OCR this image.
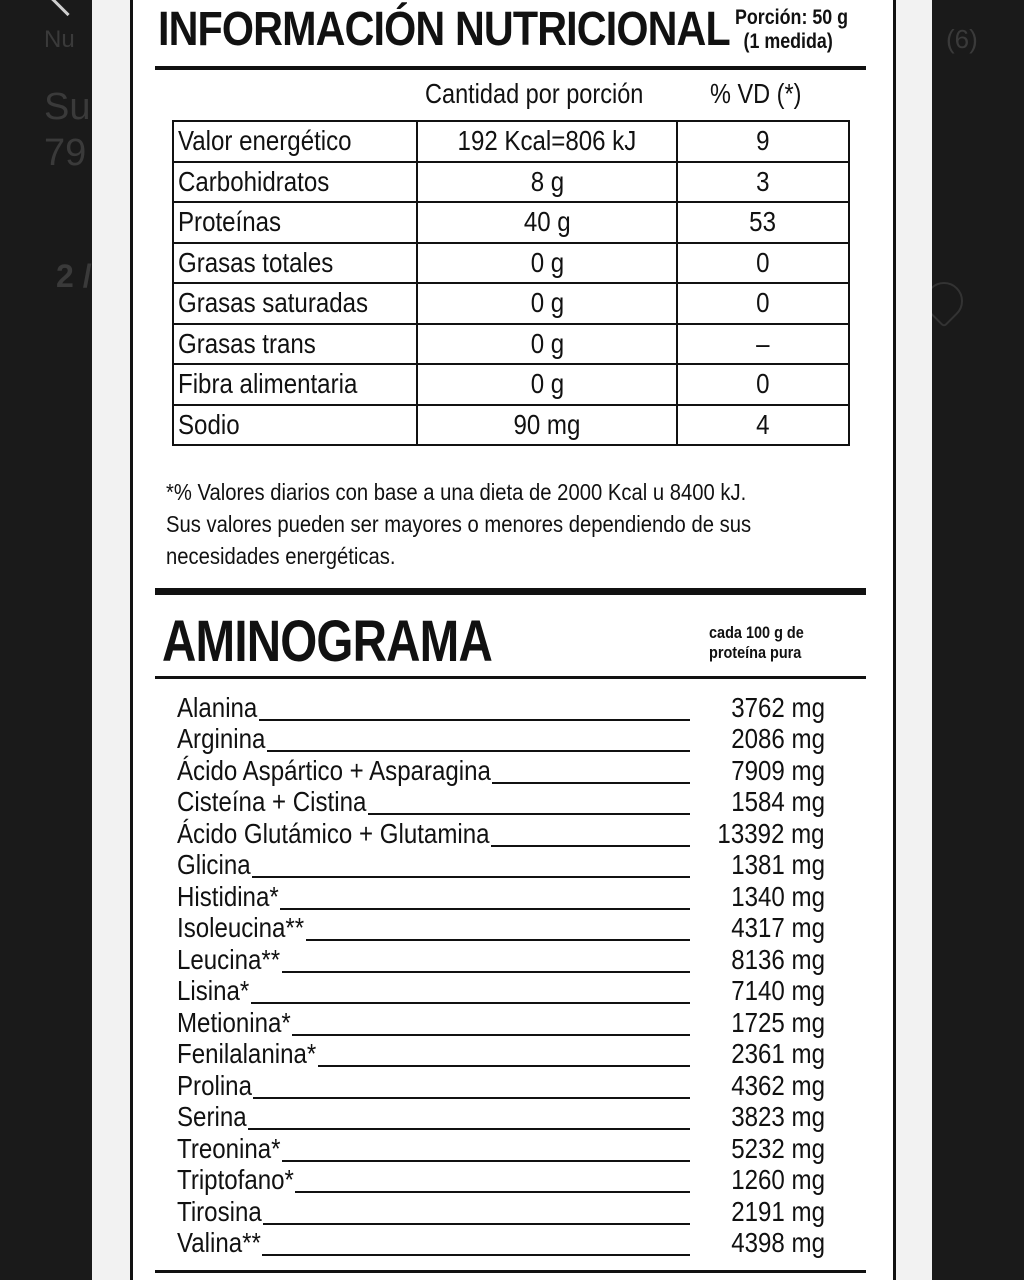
Nu
Su
79
2 /
(6)
INFORMACIÓN NUTRICIONAL Porción: 50 g
(1 medida)
Cantidad por porción % VD (*)
Valor energético	192 Kcal=806 kJ	9
Carbohidratos	8 g	3
Proteínas	40 g	53
Grasas totales	0 g	0
Grasas saturadas	0 g	0
Grasas trans	0 g	–
Fibra alimentaria	0 g	0
Sodio	90 mg	4
*% Valores diarios con base a una dieta de 2000 Kcal u 8400 kJ.
Sus valores pueden ser mayores o menores dependiendo de sus
necesidades energéticas.
AMINOGRAMA	cada 100 g de
proteína pura
Alanina	3762 mg
Arginina	2086 mg
Ácido Aspártico + Asparagina	7909 mg
Cisteína + Cistina	1584 mg
Ácido Glutámico + Glutamina	13392 mg
Glicina	1381 mg
Histidina*	1340 mg
Isoleucina**	4317 mg
Leucina**	8136 mg
Lisina*	7140 mg
Metionina*	1725 mg
Fenilalanina*	2361 mg
Prolina	4362 mg
Serina	3823 mg
Treonina*	5232 mg
Triptofano*	1260 mg
Tirosina	2191 mg
Valina**	4398 mg
